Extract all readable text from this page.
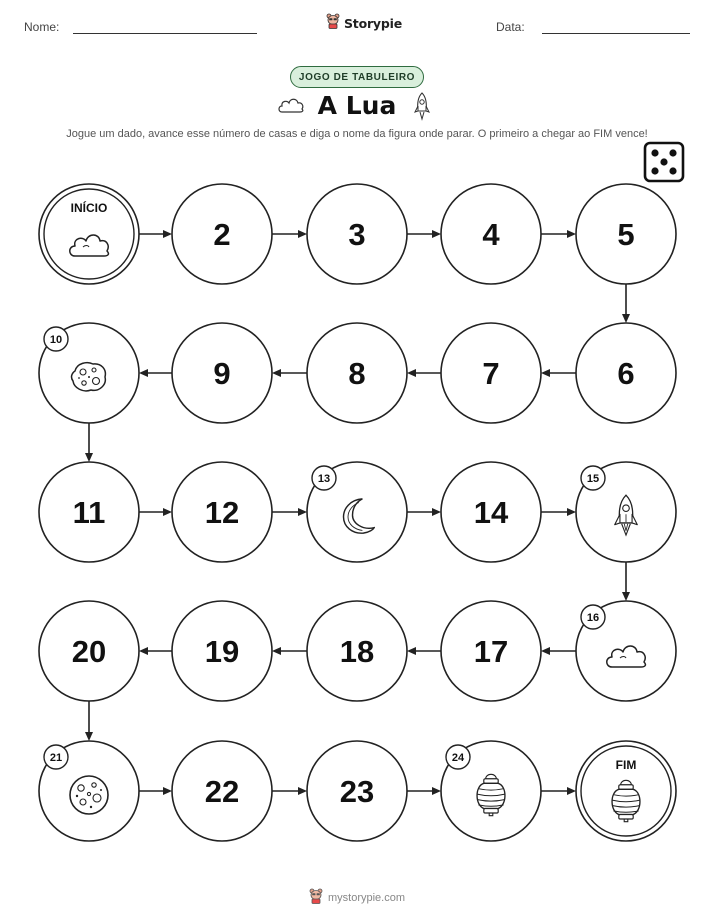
Nome:	Storypie	Data:
JOGO DE TABULEIRO
A Lua
Jogue um dado, avance esse número de casas e diga o nome da figura onde parar. O primeiro a chegar ao FIM vence!
INÍCIO
2	3	4	5
6
7
8
9
10
11	12
13
14
15
16
17
18
19
20
21
22	23
24	FIM
mystorypie.com
